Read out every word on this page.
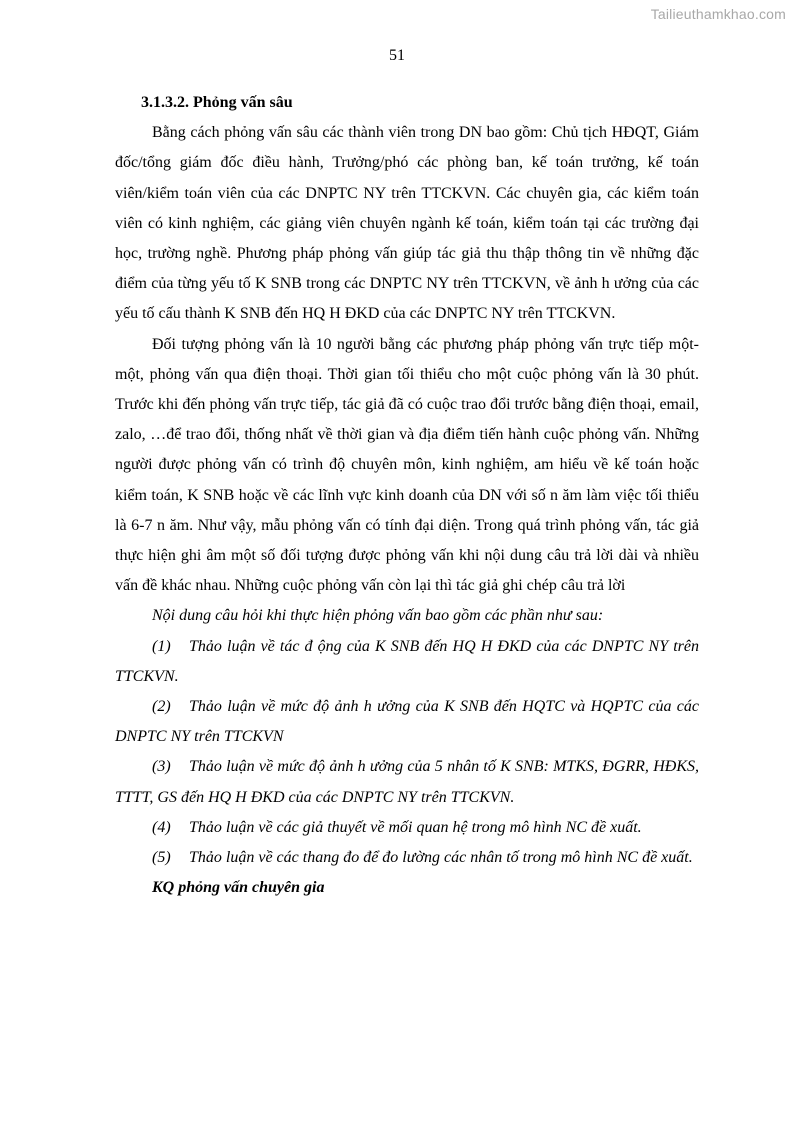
Tailieuthamkhao.com
51

3.1.3.2. Phỏng vấn sâu

Bằng cách phỏng vấn sâu các thành viên trong DN bao gồm: Chủ tịch HĐQT, Giám đốc/tổng giám đốc điều hành, Trưởng/phó các phòng ban, kế toán trưởng, kế toán viên/kiểm toán viên của các DNPTC NY trên TTCKVN. Các chuyên gia, các kiểm toán viên có kinh nghiệm, các giảng viên chuyên ngành kế toán, kiểm toán tại các trường đại học, trường nghề. Phương pháp phỏng vấn giúp tác giả thu thập thông tin về những đặc điểm của từng yếu tố K SNB trong các DNPTC NY trên TTCKVN, về ảnh h ưởng của các yếu tố cấu thành K SNB đến HQ H ĐKD của các DNPTC NY trên TTCKVN.

Đối tượng phỏng vấn là 10 người bằng các phương pháp phỏng vấn trực tiếp một- một, phỏng vấn qua điện thoại. Thời gian tối thiểu cho một cuộc phỏng vấn là 30 phút. Trước khi đến phỏng vấn trực tiếp, tác giả đã có cuộc trao đổi trước bằng điện thoại, email, zalo, …để trao đổi, thống nhất về thời gian và địa điểm tiến hành cuộc phỏng vấn. Những người được phỏng vấn có trình độ chuyên môn, kinh nghiệm, am hiểu về kế toán hoặc kiểm toán, K SNB hoặc về các lĩnh vực kinh doanh của DN với số n ăm làm việc tối thiểu là 6-7 n ăm. Như vậy, mẫu phỏng vấn có tính đại diện. Trong quá trình phỏng vấn, tác giả thực hiện ghi âm một số đối tượng được phỏng vấn khi nội dung câu trả lời dài và nhiều vấn đề khác nhau. Những cuộc phỏng vấn còn lại thì tác giả ghi chép câu trả lời

Nội dung câu hỏi khi thực hiện phỏng vấn bao gồm các phần như sau:

(1) Thảo luận về tác đ ộng của K SNB đến HQ H ĐKD của các DNPTC NY trên TTCKVN.

(2) Thảo luận về mức độ ảnh h ưởng của K SNB đến HQTC và HQPTC của các DNPTC NY trên TTCKVN

(3) Thảo luận về mức độ ảnh h ưởng của 5 nhân tố K SNB: MTKS, ĐGRR, HĐKS, TTTT, GS đến HQ H ĐKD của các DNPTC NY trên TTCKVN.

(4) Thảo luận về các giả thuyết về mối quan hệ trong mô hình NC đề xuất.

(5) Thảo luận về các thang đo để đo lường các nhân tố trong mô hình NC đề xuất.

KQ phỏng vấn chuyên gia
